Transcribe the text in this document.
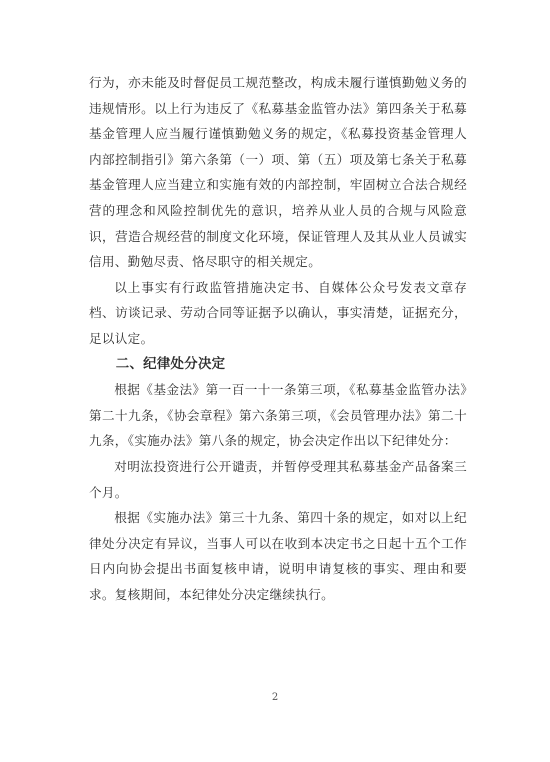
行为，亦未能及时督促员工规范整改，构成未履行谨慎勤勉义务的违规情形。以上行为违反了《私募基金监管办法》第四条关于私募基金管理人应当履行谨慎勤勉义务的规定，《私募投资基金管理人内部控制指引》第六条第（一）项、第（五）项及第七条关于私募基金管理人应当建立和实施有效的内部控制，牢固树立合法合规经营的理念和风险控制优先的意识，培养从业人员的合规与风险意识，营造合规经营的制度文化环境，保证管理人及其从业人员诚实信用、勤勉尽责、恪尽职守的相关规定。

以上事实有行政监管措施决定书、自媒体公众号发表文章存档、访谈记录、劳动合同等证据予以确认，事实清楚，证据充分，足以认定。

二、纪律处分决定

根据《基金法》第一百一十一条第三项，《私募基金监管办法》第二十九条，《协会章程》第六条第三项，《会员管理办法》第二十九条，《实施办法》第八条的规定，协会决定作出以下纪律处分：

对明汯投资进行公开谴责，并暂停受理其私募基金产品备案三个月。

根据《实施办法》第三十九条、第四十条的规定，如对以上纪律处分决定有异议，当事人可以在收到本决定书之日起十五个工作日内向协会提出书面复核申请，说明申请复核的事实、理由和要求。复核期间，本纪律处分决定继续执行。

2
